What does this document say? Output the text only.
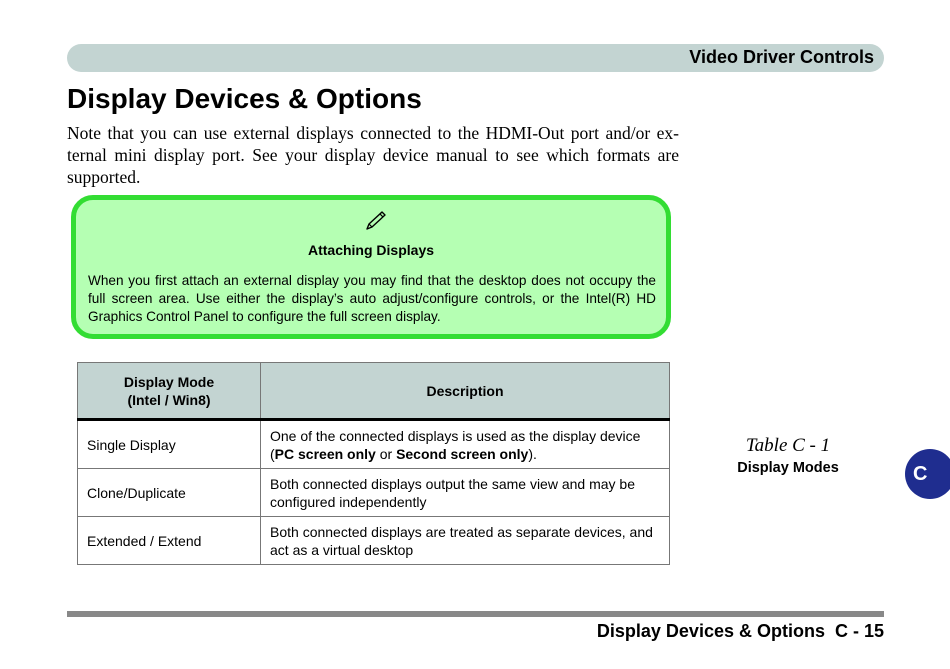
Video Driver Controls
Display Devices & Options

Note that you can use external displays connected to the HDMI-Out port and/or ex-ternal mini display port. See your display device manual to see which formats are supported.

Attaching Displays

When you first attach an external display you may find that the desktop does not occupy the full screen area. Use either the display’s auto adjust/configure controls, or the Intel(R) HD Graphics Control Panel to configure the full screen display.

Display Mode
(Intel / Win8)	Description
Single Display	One of the connected displays is used as the display device (PC screen only or Second screen only).
Clone/Duplicate	Both connected displays output the same view and may be configured independently
Extended / Extend	Both connected displays are treated as separate devices, and act as a virtual desktop
Table C - 1
Display Modes	C
Display Devices & Options C - 15
